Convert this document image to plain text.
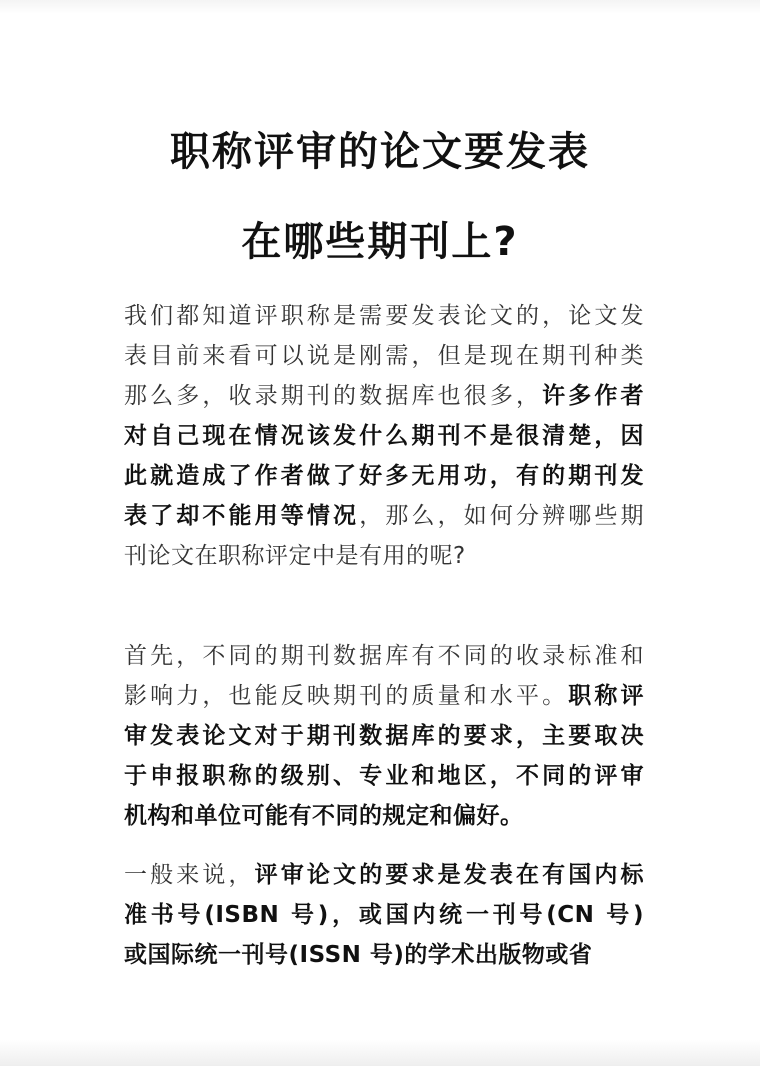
职称评审的论文要发表
在哪些期刊上?
我们都知道评职称是需要发表论文的，论文发
表目前来看可以说是刚需，但是现在期刊种类
那么多，收录期刊的数据库也很多，许多作者
对自己现在情况该发什么期刊不是很清楚，因
此就造成了作者做了好多无用功，有的期刊发
表了却不能用等情况，那么，如何分辨哪些期
刊论文在职称评定中是有用的呢?
首先，不同的期刊数据库有不同的收录标准和
影响力，也能反映期刊的质量和水平。职称评
审发表论文对于期刊数据库的要求，主要取决
于申报职称的级别、专业和地区，不同的评审
机构和单位可能有不同的规定和偏好。
一般来说，评审论文的要求是发表在有国内标
准书号(ISBN 号)，或国内统一刊号(CN 号)
或国际统一刊号(ISSN 号)的学术出版物或省
